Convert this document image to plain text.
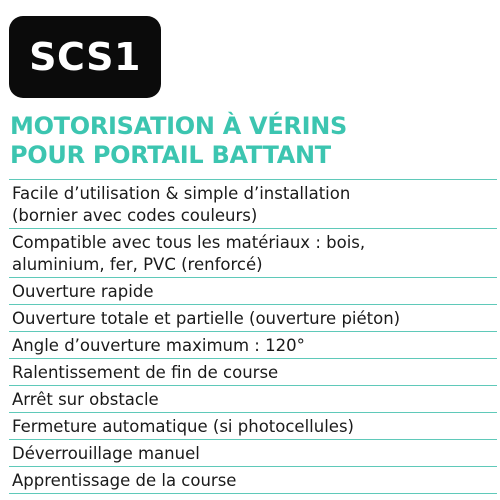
SCS1
MOTORISATION À VÉRINS
POUR PORTAIL BATTANT
Facile d’utilisation & simple d’installation
(bornier avec codes couleurs)
Compatible avec tous les matériaux : bois,
aluminium, fer, PVC (renforcé)
Ouverture rapide
Ouverture totale et partielle (ouverture piéton)
Angle d’ouverture maximum : 120°
Ralentissement de fin de course
Arrêt sur obstacle
Fermeture automatique (si photocellules)
Déverrouillage manuel
Apprentissage de la course
